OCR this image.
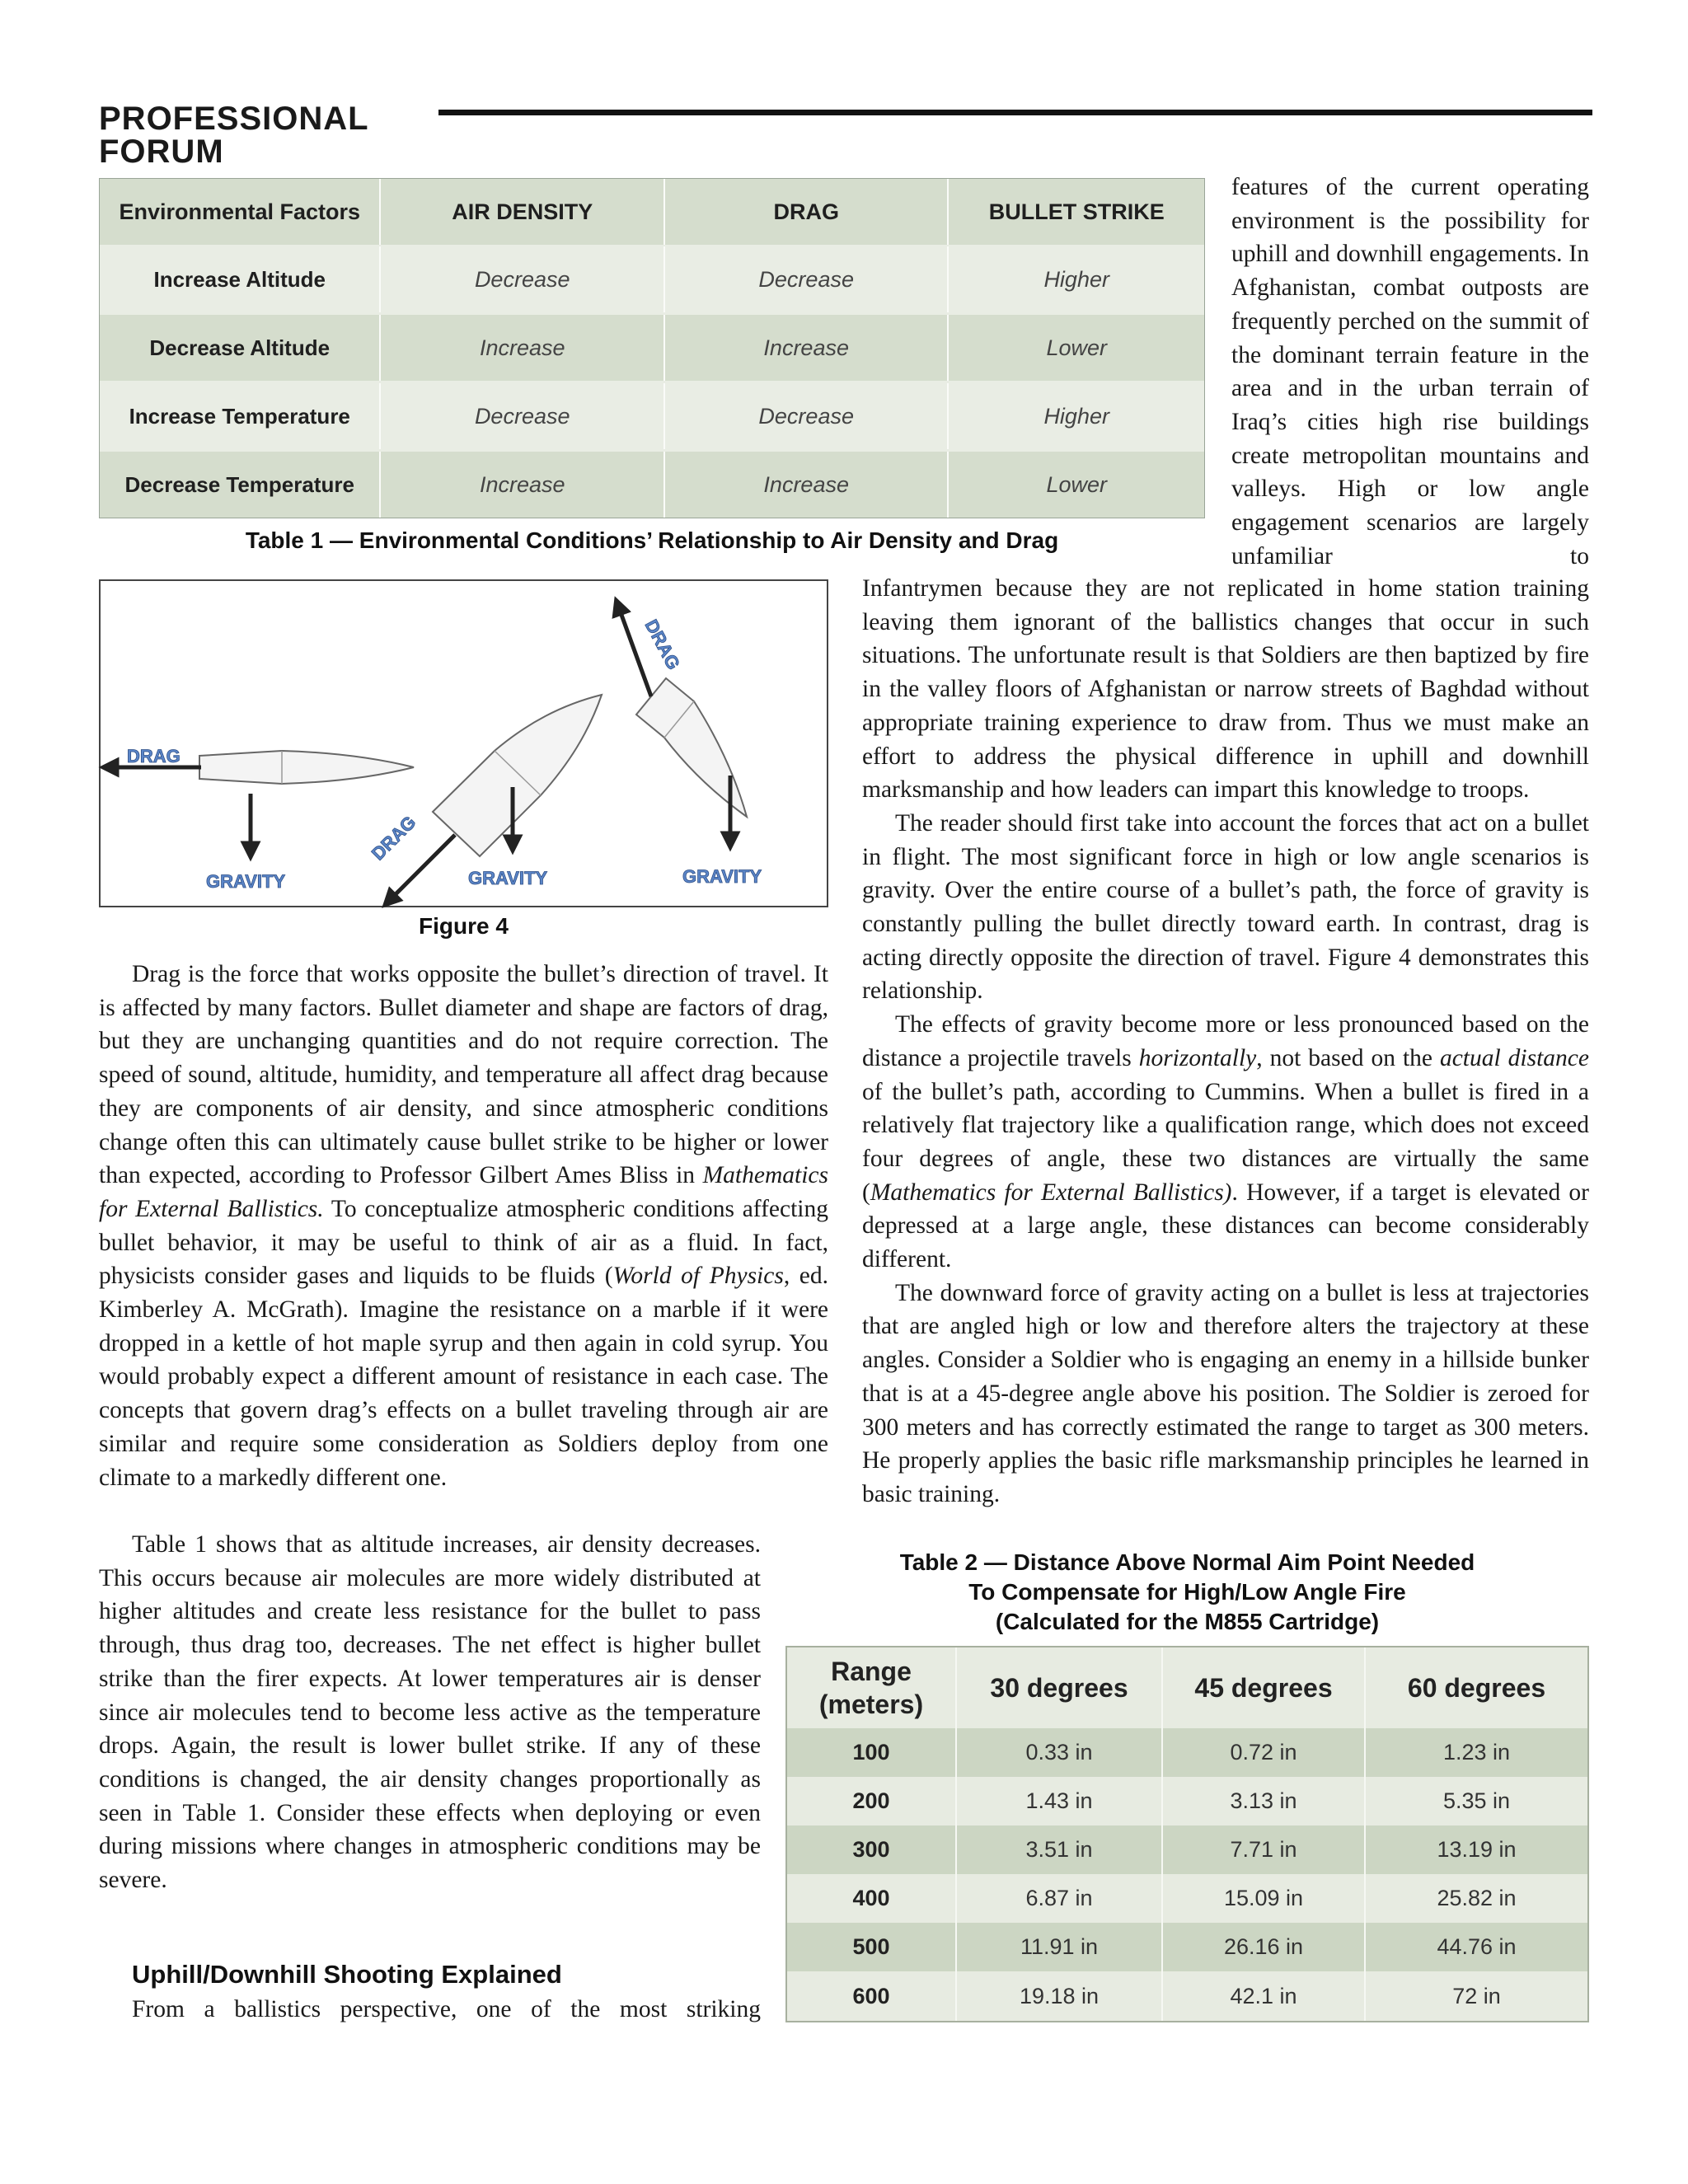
PROFESSIONAL FORUM
Environmental Factors	AIR DENSITY	DRAG	BULLET STRIKE
Increase Altitude	Decrease	Decrease	Higher
Decrease Altitude	Increase	Increase	Lower
Increase Temperature	Decrease	Decrease	Higher
Decrease Temperature	Increase	Increase	Lower
Table 1 — Environmental Conditions’ Relationship to Air Density and Drag

features of the current operating environment is the possibility for uphill and downhill engagements. In Afghanistan, combat outposts are frequently perched on the summit of the dominant terrain feature in the area and in the urban terrain of Iraq’s cities high rise buildings create metropolitan mountains and valleys. High or low angle engagement scenarios are largely unfamiliar to

DRAG
GRAVITY
DRAG
GRAVITY
DRAG
GRAVITY
Figure 4

Infantrymen because they are not replicated in home station training leaving them ignorant of the ballistics changes that occur in such situations. The unfortunate result is that Soldiers are then baptized by fire in the valley floors of Afghanistan or narrow streets of Baghdad without appropriate training experience to draw from. Thus we must make an effort to address the physical difference in uphill and downhill marksmanship and how leaders can impart this knowledge to troops.

The reader should first take into account the forces that act on a bullet in flight. The most significant force in high or low angle scenarios is gravity. Over the entire course of a bullet’s path, the force of gravity is constantly pulling the bullet directly toward earth. In contrast, drag is acting directly opposite the direction of travel. Figure 4 demonstrates this relationship.

The effects of gravity become more or less pronounced based on the distance a projectile travels horizontally, not based on the actual distance of the bullet’s path, according to Cummins. When a bullet is fired in a relatively flat trajectory like a qualification range, which does not exceed four degrees of angle, these two distances are virtually the same (Mathematics for External Ballistics). However, if a target is elevated or depressed at a large angle, these distances can become considerably different.

The downward force of gravity acting on a bullet is less at trajectories that are angled high or low and therefore alters the trajectory at these angles. Consider a Soldier who is engaging an enemy in a hillside bunker that is at a 45-degree angle above his position. The Soldier is zeroed for 300 meters and has correctly estimated the range to target as 300 meters. He properly applies the basic rifle marksmanship principles he learned in basic training.

Drag is the force that works opposite the bullet’s direction of travel. It is affected by many factors. Bullet diameter and shape are factors of drag, but they are unchanging quantities and do not require correction. The speed of sound, altitude, humidity, and temperature all affect drag because they are components of air density, and since atmospheric conditions change often this can ultimately cause bullet strike to be higher or lower than expected, according to Professor Gilbert Ames Bliss in Mathematics for External Ballistics. To conceptualize atmospheric conditions affecting bullet behavior, it may be useful to think of air as a fluid. In fact, physicists consider gases and liquids to be fluids (World of Physics, ed. Kimberley A. McGrath). Imagine the resistance on a marble if it were dropped in a kettle of hot maple syrup and then again in cold syrup. You would probably expect a different amount of resistance in each case. The concepts that govern drag’s effects on a bullet traveling through air are similar and require some consideration as Soldiers deploy from one climate to a markedly different one.

Table 1 shows that as altitude increases, air density decreases. This occurs because air molecules are more widely distributed at higher altitudes and create less resistance for the bullet to pass through, thus drag too, decreases. The net effect is higher bullet strike than the firer expects. At lower temperatures air is denser since air molecules tend to become less active as the temperature drops. Again, the result is lower bullet strike. If any of these conditions is changed, the air density changes proportionally as seen in Table 1. Consider these effects when deploying or even during missions where changes in atmospheric conditions may be severe.

Uphill/Downhill Shooting Explained

From a ballistics perspective, one of the most striking

Table 2 — Distance Above Normal Aim Point Needed
To Compensate for High/Low Angle Fire
(Calculated for the M855 Cartridge)
Range
(meters)
30 degrees	45 degrees	60 degrees
100	0.33 in	0.72 in	1.23 in
200	1.43 in	3.13 in	5.35 in
300	3.51 in	7.71 in	13.19 in
400	6.87 in	15.09 in	25.82 in
500	11.91 in	26.16 in	44.76 in
600	19.18 in	42.1 in	72 in
